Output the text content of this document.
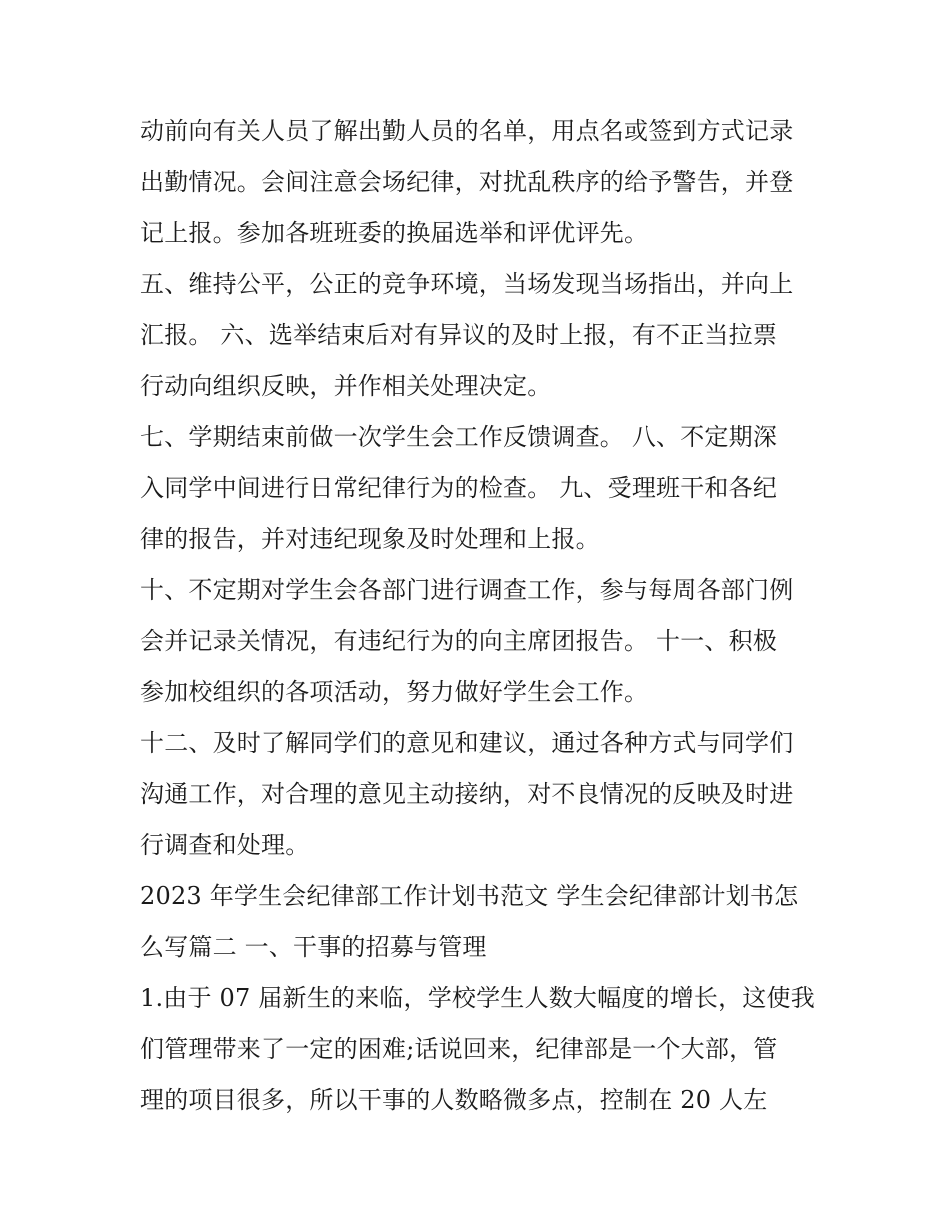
动前向有关人员了解出勤人员的名单，用点名或签到方式记录
出勤情况。会间注意会场纪律，对扰乱秩序的给予警告，并登
记上报。参加各班班委的换届选举和评优评先。
五、维持公平，公正的竞争环境，当场发现当场指出，并向上
汇报。 六、选举结束后对有异议的及时上报，有不正当拉票
行动向组织反映，并作相关处理决定。
七、学期结束前做一次学生会工作反馈调查。 八、不定期深
入同学中间进行日常纪律行为的检查。 九、受理班干和各纪
律的报告，并对违纪现象及时处理和上报。
十、不定期对学生会各部门进行调查工作，参与每周各部门例
会并记录关情况，有违纪行为的向主席团报告。 十一、积极
参加校组织的各项活动，努力做好学生会工作。
十二、及时了解同学们的意见和建议，通过各种方式与同学们
沟通工作，对合理的意见主动接纳，对不良情况的反映及时进
行调查和处理。
2023 年学生会纪律部工作计划书范文 学生会纪律部计划书怎
么写篇二 一、干事的招募与管理
1.由于 07 届新生的来临，学校学生人数大幅度的增长，这使我
们管理带来了一定的困难;话说回来，纪律部是一个大部，管
理的项目很多，所以干事的人数略微多点，控制在 20 人左
